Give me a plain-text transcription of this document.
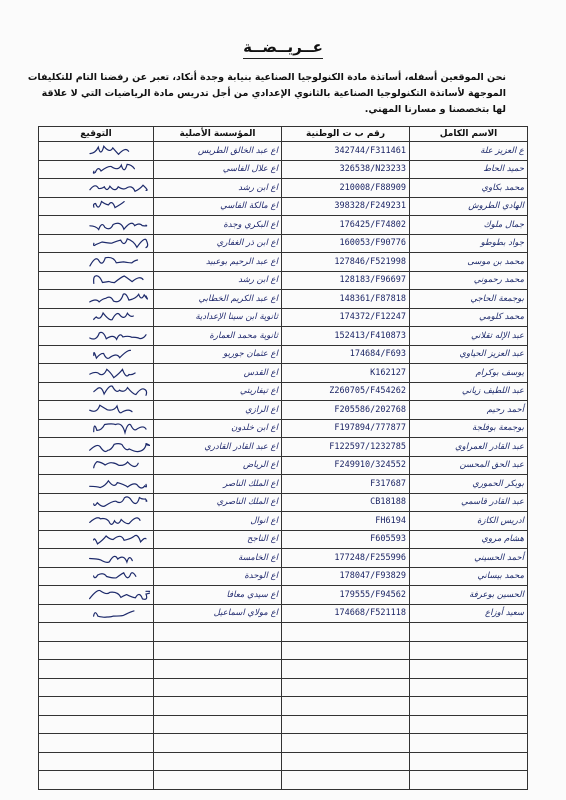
عــريــضــة

نحن الموقعين أسفله، أساتذة مادة الكنولوجيا الصناعية بنيابة وجدة أنكاد، تعبر عن رفضنا التام للتكليفات

الموجهة لأساتذة التكنولوجيا الصناعية بالثانوي الإعدادي من أجل تدريس مادة الرياضيات التي لا علاقة

لها بتخصصنا و مسارنا المهني.

الاسم الكامل	رقم ب ت الوطنية	المؤسسة الأصلية	التوقيع
ع العزيز علة	342744/F311461	اع عبد الخالق الطريس	
حميد الحاط	326538/N23233	اع علال الفاسي	
محمد بكاوي	210008/F88909	اع ابن رشد	
الهادي الطروش	398328/F249231	اع مالكة الفاسي	
جمال ملوك	176425/F74802	اع البكري وجدة	
جواد بطوطو	160053/F90776	اع ابن ذر الغفاري	
محمد بن موسى	127846/F521998	اع عبد الرحيم بوعبيد	
محمد رحموني	128183/F96697	اع ابن رشد	
بوجمعة الحاجي	148361/F87818	اع عبد الكريم الخطابي	
محمد كلومي	174372/F12247	ثانوية ابن سينا الإعدادية	
عبد الإله تقلاني	152413/F410873	ثانوية محمد العمارة	
عبد العزيز الحياوي	174684/F693	اع عثمان جوريو	
يوسف بوكرام	K162127	اع القدس	
عبد اللطيف زياني	Z260705/F454262	اع تيفاريتي	
أحمد رحيم	F205586/202768	اع الرازي	
بوجمعة بوفلجة	F197894/777877	اع ابن خلدون	
عبد القادر العمراوي	F122597/1232785	اع عبد القادر القادري	
عبد الحق المحسن	F249910/324552	اع الرياض	
بوبكر الحموري	F317687	اع الملك الناصر	
عبد القادر قاسمي	CB18188	اع الملك الناصري	
ادريس الكازة	FH6194	اع انوال	
هشام مروي	F605593	اع الناجح	
أحمد الحسيني	177248/F255996	اع الخامسة	
محمد بيساني	178047/F93829	اع الوحدة	
الحسين بوعرفة	179555/F94562	اع سيدي معافا	
سعيد أوزاع	174668/F521118	اع مولاي اسماعيل	
